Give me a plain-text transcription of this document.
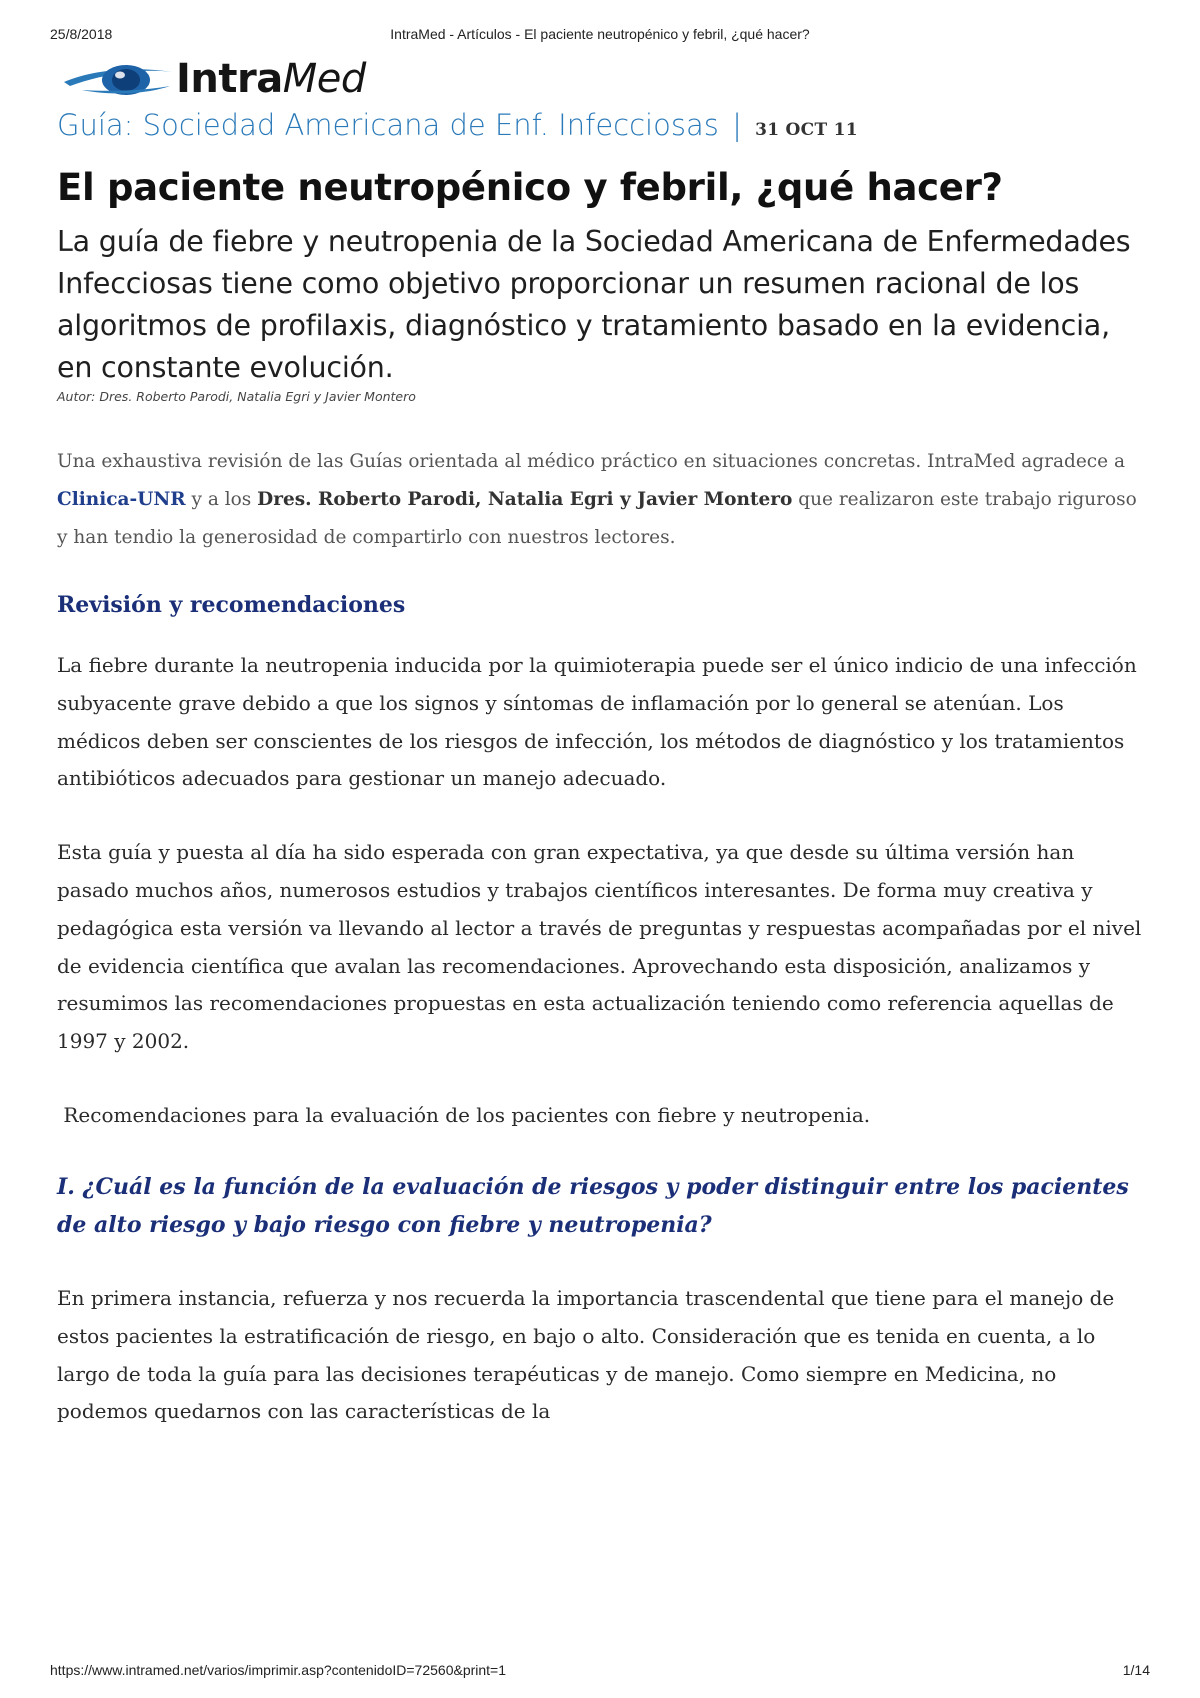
25/8/2018	IntraMed - Artículos - El paciente neutropénico y febril, ¿qué hacer?
IntraMed
Guía: Sociedad Americana de Enf. Infecciosas | 31 OCT 11
El paciente neutropénico y febril, ¿qué hacer?
La guía de fiebre y neutropenia de la Sociedad Americana de Enfermedades Infecciosas tiene como objetivo proporcionar un resumen racional de los algoritmos de profilaxis, diagnóstico y tratamiento basado en la evidencia, en constante evolución.
Autor: Dres. Roberto Parodi, Natalia Egri y Javier Montero
Una exhaustiva revisión de las Guías orientada al médico práctico en situaciones concretas. IntraMed agradece a Clinica-UNR y a los Dres. Roberto Parodi, Natalia Egri y Javier Montero que realizaron este trabajo riguroso y han tendio la generosidad de compartirlo con nuestros lectores.
Revisión y recomendaciones

La fiebre durante la neutropenia inducida por la quimioterapia puede ser el único indicio de una infección subyacente grave debido a que los signos y síntomas de inflamación por lo general se atenúan. Los médicos deben ser conscientes de los riesgos de infección, los métodos de diagnóstico y los tratamientos antibióticos adecuados para gestionar un manejo adecuado.

Esta guía y puesta al día ha sido esperada con gran expectativa, ya que desde su última versión han pasado muchos años, numerosos estudios y trabajos científicos interesantes. De forma muy creativa y pedagógica esta versión va llevando al lector a través de preguntas y respuestas acompañadas por el nivel de evidencia científica que avalan las recomendaciones. Aprovechando esta disposición, analizamos y resumimos las recomendaciones propuestas en esta actualización teniendo como referencia aquellas de 1997 y 2002.

Recomendaciones para la evaluación de los pacientes con fiebre y neutropenia.

I. ¿Cuál es la función de la evaluación de riesgos y poder distinguir entre los pacientes de alto riesgo y bajo riesgo con fiebre y neutropenia?

En primera instancia, refuerza y nos recuerda la importancia trascendental que tiene para el manejo de estos pacientes la estratificación de riesgo, en bajo o alto. Consideración que es tenida en cuenta, a lo largo de toda la guía para las decisiones terapéuticas y de manejo. Como siempre en Medicina, no podemos quedarnos con las características de la

https://www.intramed.net/varios/imprimir.asp?contenidoID=72560&print=1	1/14
